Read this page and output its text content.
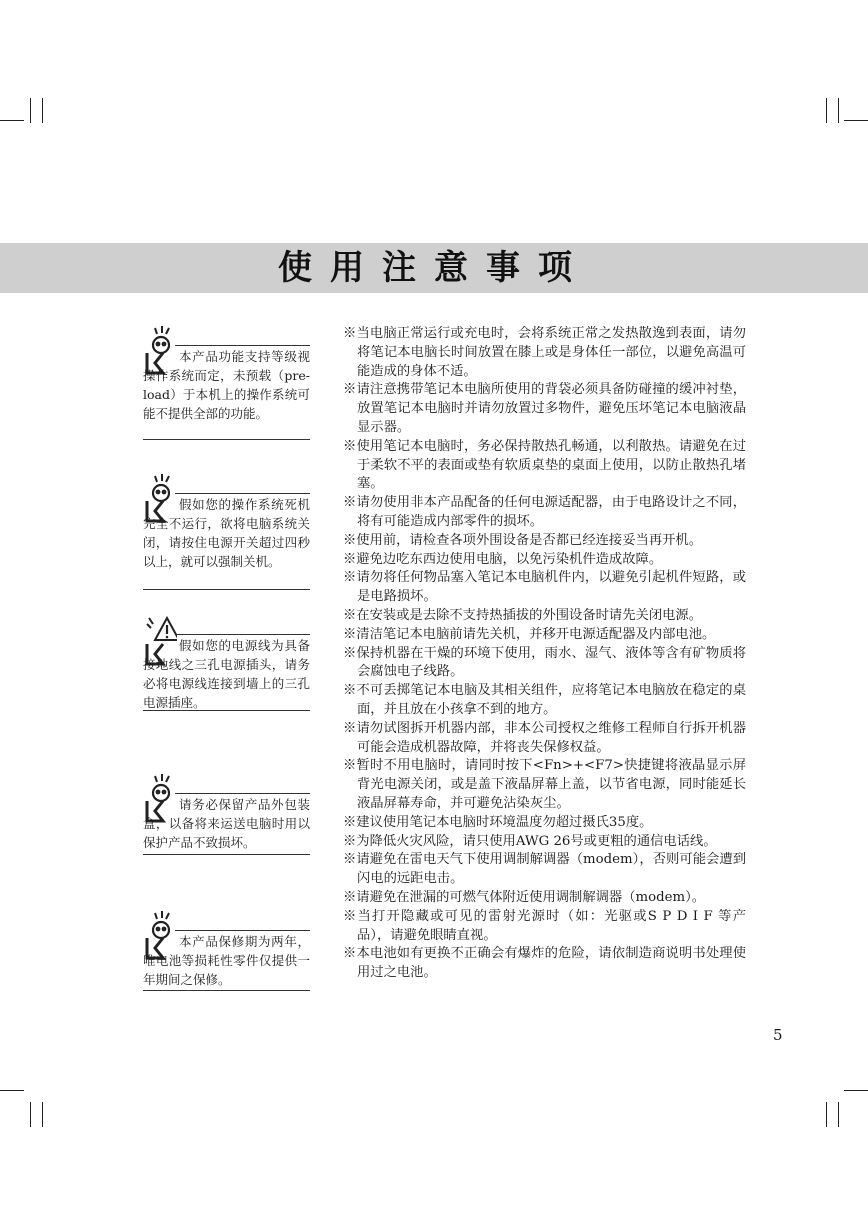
使用注意事项
本产品功能支持等级视操作系统而定，未预载（pre-load）于本机上的操作系统可能不提供全部的功能。
假如您的操作系统死机完全不运行，欲将电脑系统关闭，请按住电源开关超过四秒以上，就可以强制关机。
假如您的电源线为具备接地线之三孔电源插头，请务必将电源线连接到墙上的三孔电源插座。
请务必保留产品外包装盒，以备将来运送电脑时用以保护产品不致损坏。
本产品保修期为两年，唯电池等损耗性零件仅提供一年期间之保修。
※当电脑正常运行或充电时，会将系统正常之发热散逸到表面，请勿将笔记本电脑长时间放置在膝上或是身体任一部位，以避免高温可能造成的身体不适。
※请注意携带笔记本电脑所使用的背袋必须具备防碰撞的缓冲衬垫，放置笔记本电脑时并请勿放置过多物件，避免压坏笔记本电脑液晶显示器。
※使用笔记本电脑时，务必保持散热孔畅通，以利散热。请避免在过于柔软不平的表面或垫有软质桌垫的桌面上使用，以防止散热孔堵塞。
※请勿使用非本产品配备的任何电源适配器，由于电路设计之不同，将有可能造成内部零件的损坏。
※使用前，请检查各项外围设备是否都已经连接妥当再开机。
※避免边吃东西边使用电脑，以免污染机件造成故障。
※请勿将任何物品塞入笔记本电脑机件内，以避免引起机件短路，或是电路损坏。
※在安装或是去除不支持热插拔的外围设备时请先关闭电源。
※清洁笔记本电脑前请先关机，并移开电源适配器及内部电池。
※保持机器在干燥的环境下使用，雨水、湿气、液体等含有矿物质将会腐蚀电子线路。
※不可丢掷笔记本电脑及其相关组件，应将笔记本电脑放在稳定的桌面，并且放在小孩拿不到的地方。
※请勿试图拆开机器内部，非本公司授权之维修工程师自行拆开机器可能会造成机器故障，并将丧失保修权益。
※暂时不用电脑时，请同时按下<Fn>+<F7>快捷键将液晶显示屏背光电源关闭，或是盖下液晶屏幕上盖，以节省电源，同时能延长液晶屏幕寿命，并可避免沾染灰尘。
※建议使用笔记本电脑时环境温度勿超过摄氏35度。
※为降低火灾风险，请只使用AWG 26号或更粗的通信电话线。
※请避免在雷电天气下使用调制解调器（modem），否则可能会遭到闪电的远距电击。
※请避免在泄漏的可燃气体附近使用调制解调器（modem）。
※当打开隐藏或可见的雷射光源时（如：光驱或S P D I F 等产品），请避免眼睛直视。
※本电池如有更换不正确会有爆炸的危险，请依制造商说明书处理使用过之电池。
5
